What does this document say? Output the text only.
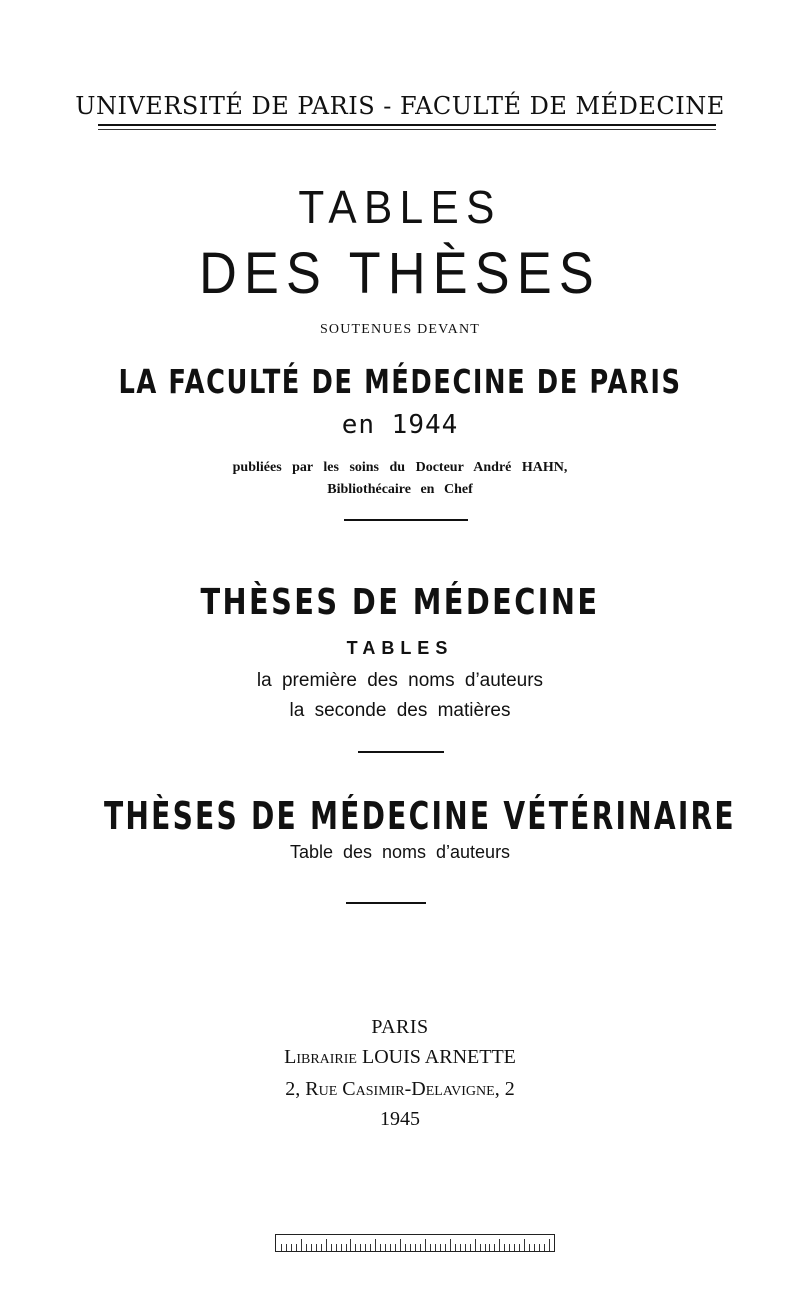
UNIVERSITÉ DE PARIS - FACULTÉ DE MÉDECINE
TABLES
DES THÈSES
SOUTENUES DEVANT
LA FACULTÉ DE MÉDECINE DE PARIS
en 1944
publiées par les soins du Docteur André HAHN,
Bibliothécaire en Chef
THÈSES DE MÉDECINE
TABLES
la première des noms d’auteurs
la seconde des matières
THÈSES DE MÉDECINE VÉTÉRINAIRE
Table des noms d’auteurs
PARIS
Librairie LOUIS ARNETTE
2, Rue Casimir-Delavigne, 2
1945
